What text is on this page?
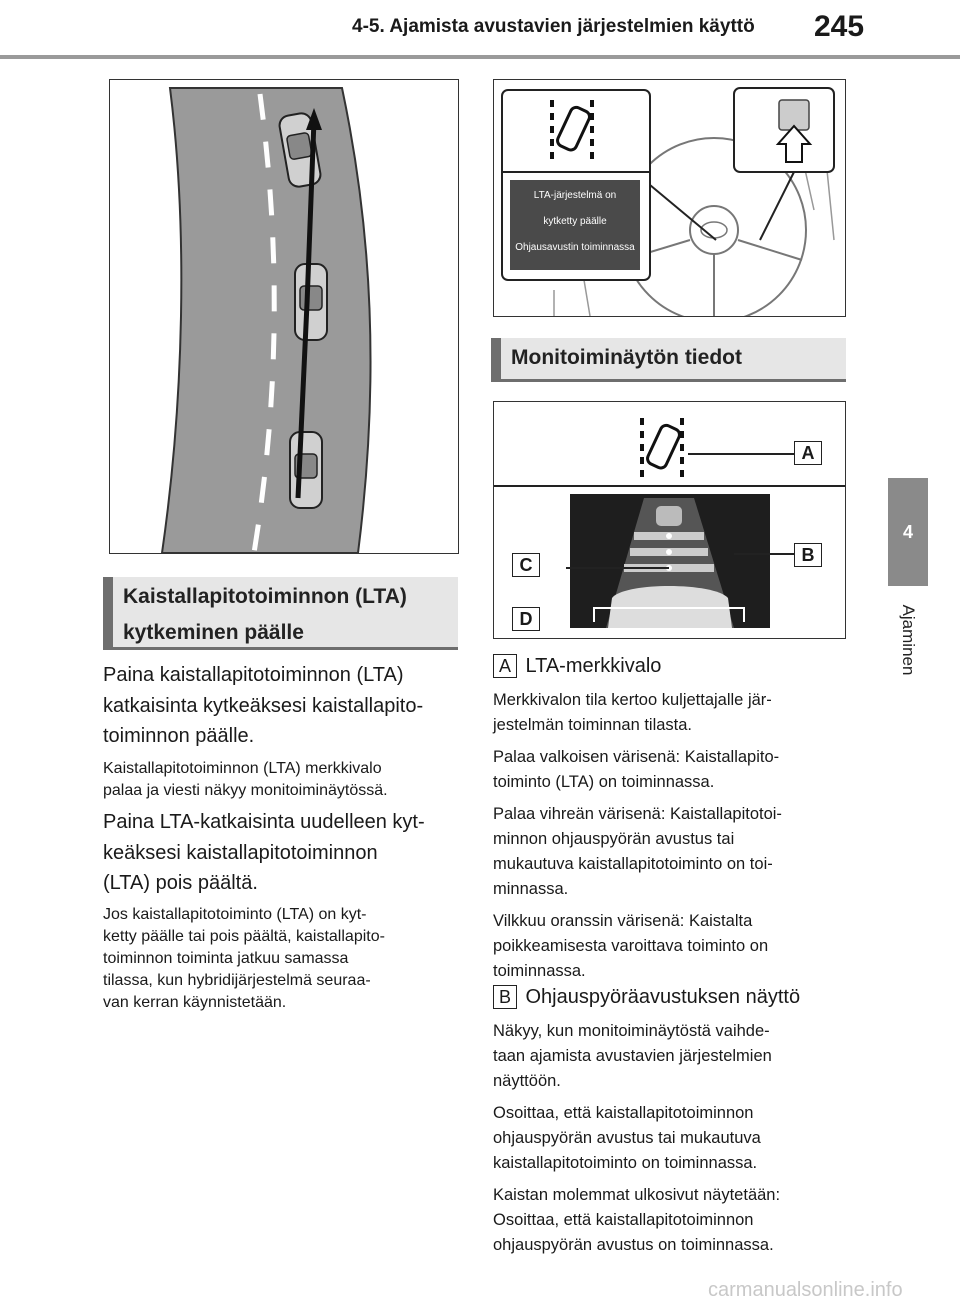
4-5. Ajamista avustavien järjestelmien käyttö 245
4
Ajaminen
LTA-järjestelmä on
kytketty päälle
Ohjausavustin toiminnassa
Kaistallapitotoiminnon (LTA)
kytkeminen päälle
Paina kaistallapitotoiminnon (LTA)
katkaisinta kytkeäksesi kaistallapito-
toiminnon päälle.
Kaistallapitotoiminnon (LTA) merkkivalo
palaa ja viesti näkyy monitoiminäytössä.
Paina LTA-katkaisinta uudelleen kyt-
keäksesi kaistallapitotoiminnon
(LTA) pois päältä.
Jos kaistallapitotoiminto (LTA) on kyt-
ketty päälle tai pois päältä, kaistallapito-
toiminnon toiminta jatkuu samassa
tilassa, kun hybridijärjestelmä seuraa-
van kerran käynnistetään.
Monitoiminäytön tiedot
A
B
C
D
A LTA-merkkivalo
Merkkivalon tila kertoo kuljettajalle jär-
jestelmän toiminnan tilasta.
Palaa valkoisen värisenä: Kaistallapito-
toiminto (LTA) on toiminnassa.
Palaa vihreän värisenä: Kaistallapitotoi-
minnon ohjauspyörän avustus tai
mukautuva kaistallapitotoiminto on toi-
minnassa.
Vilkkuu oranssin värisenä: Kaistalta
poikkeamisesta varoittava toiminto on
toiminnassa.
B Ohjauspyöräavustuksen näyttö
Näkyy, kun monitoiminäytöstä vaihde-
taan ajamista avustavien järjestelmien
näyttöön.
Osoittaa, että kaistallapitotoiminnon
ohjauspyörän avustus tai mukautuva
kaistallapitotoiminto on toiminnassa.
Kaistan molemmat ulkosivut näytetään:
Osoittaa, että kaistallapitotoiminnon
ohjauspyörän avustus on toiminnassa.
carmanualsonline.info
